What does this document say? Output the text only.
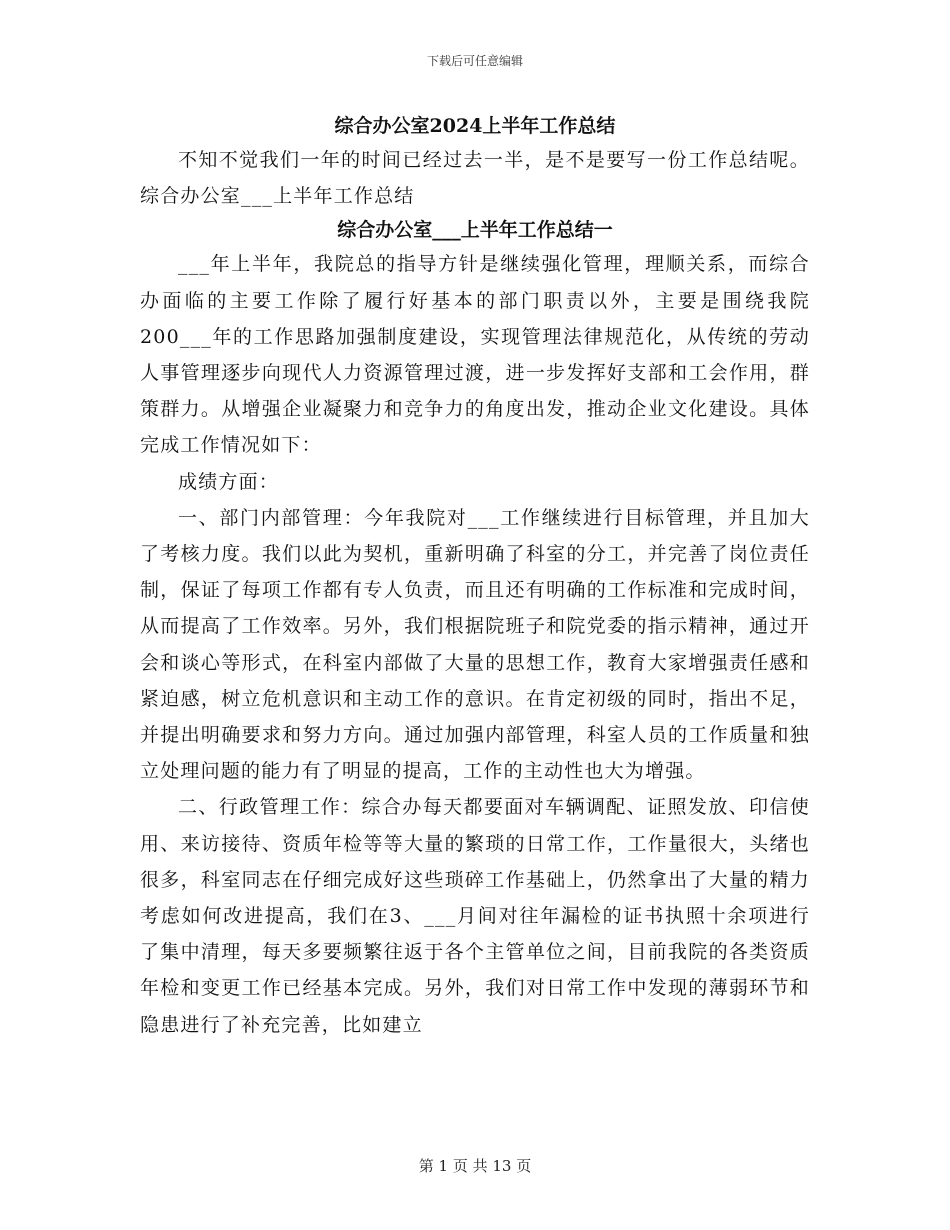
下载后可任意编辑
综合办公室2024上半年工作总结

不知不觉我们一年的时间已经过去一半，是不是要写一份工作总结呢。综合办公室___上半年工作总结

综合办公室___上半年工作总结一

___年上半年，我院总的指导方针是继续强化管理，理顺关系，而综合办面临的主要工作除了履行好基本的部门职责以外，主要是围绕我院200___年的工作思路加强制度建设，实现管理法律规范化，从传统的劳动人事管理逐步向现代人力资源管理过渡，进一步发挥好支部和工会作用，群策群力。从增强企业凝聚力和竞争力的角度出发，推动企业文化建设。具体完成工作情况如下：

成绩方面：

一、部门内部管理：今年我院对___工作继续进行目标管理，并且加大了考核力度。我们以此为契机，重新明确了科室的分工，并完善了岗位责任制，保证了每项工作都有专人负责，而且还有明确的工作标准和完成时间，从而提高了工作效率。另外，我们根据院班子和院党委的指示精神，通过开会和谈心等形式，在科室内部做了大量的思想工作，教育大家增强责任感和紧迫感，树立危机意识和主动工作的意识。在肯定初级的同时，指出不足，并提出明确要求和努力方向。通过加强内部管理，科室人员的工作质量和独立处理问题的能力有了明显的提高，工作的主动性也大为增强。

二、行政管理工作：综合办每天都要面对车辆调配、证照发放、印信使用、来访接待、资质年检等等大量的繁琐的日常工作，工作量很大，头绪也很多，科室同志在仔细完成好这些琐碎工作基础上，仍然拿出了大量的精力考虑如何改进提高，我们在3、___月间对往年漏检的证书执照十余项进行了集中清理，每天多要频繁往返于各个主管单位之间，目前我院的各类资质年检和变更工作已经基本完成。另外，我们对日常工作中发现的薄弱环节和隐患进行了补充完善，比如建立

第 1 页 共 13 页
